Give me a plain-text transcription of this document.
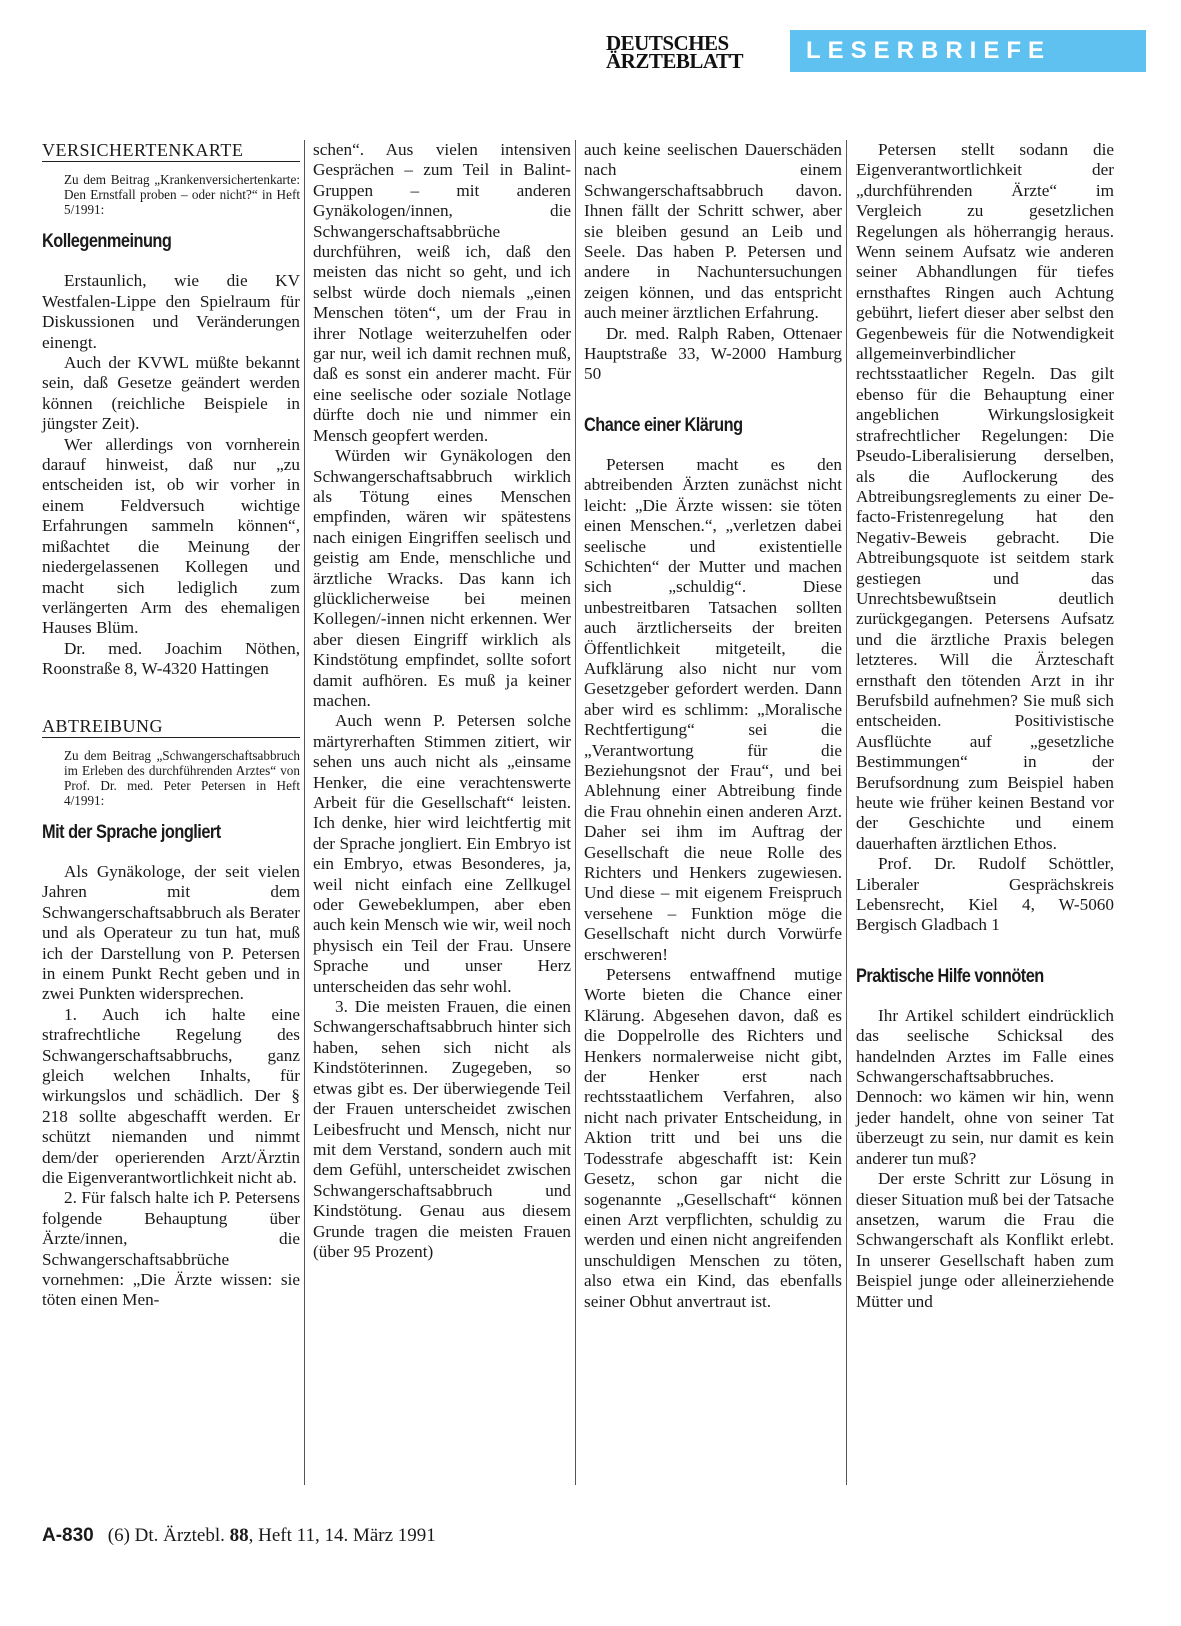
DEUTSCHES
ÄRZTEBLATT	LESERBRIEFE
VERSICHERTENKARTE
Zu dem Beitrag „Krankenversichertenkarte: Den Ernstfall proben – oder nicht?“ in Heft 5/1991:
Kollegenmeinung

Erstaunlich, wie die KV Westfalen-Lippe den Spielraum für Diskussionen und Veränderungen einengt.

Auch der KVWL müßte bekannt sein, daß Gesetze geändert werden können (reichliche Beispiele in jüngster Zeit).

Wer allerdings von vornherein darauf hinweist, daß nur „zu entscheiden ist, ob wir vorher in einem Feldversuch wichtige Erfahrungen sammeln können“, mißachtet die Meinung der niedergelassenen Kollegen und macht sich lediglich zum verlängerten Arm des ehemaligen Hauses Blüm.

Dr. med. Joachim Nöthen, Roonstraße 8, W-4320 Hattingen

ABTREIBUNG
Zu dem Beitrag „Schwangerschaftsabbruch im Erleben des durchführenden Arztes“ von Prof. Dr. med. Peter Petersen in Heft 4/1991:
Mit der Sprache jongliert

Als Gynäkologe, der seit vielen Jahren mit dem Schwangerschaftsabbruch als Berater und als Operateur zu tun hat, muß ich der Darstellung von P. Petersen in einem Punkt Recht geben und in zwei Punkten widersprechen.

1. Auch ich halte eine strafrechtliche Regelung des Schwangerschaftsabbruchs, ganz gleich welchen Inhalts, für wirkungslos und schädlich. Der § 218 sollte abgeschafft werden. Er schützt niemanden und nimmt dem/der operierenden Arzt/Ärztin die Eigenverantwortlichkeit nicht ab.

2. Für falsch halte ich P. Petersens folgende Behauptung über Ärzte/innen, die Schwangerschaftsabbrüche vornehmen: „Die Ärzte wissen: sie töten einen Men-

schen“. Aus vielen intensiven Gesprächen – zum Teil in Balint-Gruppen – mit anderen Gynäkologen/innen, die Schwangerschaftsabbrüche durchführen, weiß ich, daß den meisten das nicht so geht, und ich selbst würde doch niemals „einen Menschen töten“, um der Frau in ihrer Notlage weiterzuhelfen oder gar nur, weil ich damit rechnen muß, daß es sonst ein anderer macht. Für eine seelische oder soziale Notlage dürfte doch nie und nimmer ein Mensch geopfert werden.

Würden wir Gynäkologen den Schwangerschaftsabbruch wirklich als Tötung eines Menschen empfinden, wären wir spätestens nach einigen Eingriffen seelisch und geistig am Ende, menschliche und ärztliche Wracks. Das kann ich glücklicherweise bei meinen Kollegen/-innen nicht erkennen. Wer aber diesen Eingriff wirklich als Kindstötung empfindet, sollte sofort damit aufhören. Es muß ja keiner machen.

Auch wenn P. Petersen solche märtyrerhaften Stimmen zitiert, wir sehen uns auch nicht als „einsame Henker, die eine verachtenswerte Arbeit für die Gesellschaft“ leisten. Ich denke, hier wird leichtfertig mit der Sprache jongliert. Ein Embryo ist ein Embryo, etwas Besonderes, ja, weil nicht einfach eine Zellkugel oder Gewebeklumpen, aber eben auch kein Mensch wie wir, weil noch physisch ein Teil der Frau. Unsere Sprache und unser Herz unterscheiden das sehr wohl.

3. Die meisten Frauen, die einen Schwangerschaftsabbruch hinter sich haben, sehen sich nicht als Kindstöterinnen. Zugegeben, so etwas gibt es. Der überwiegende Teil der Frauen unterscheidet zwischen Leibesfrucht und Mensch, nicht nur mit dem Verstand, sondern auch mit dem Gefühl, unterscheidet zwischen Schwangerschaftsabbruch und Kindstötung. Genau aus diesem Grunde tragen die meisten Frauen (über 95 Prozent)

auch keine seelischen Dauerschäden nach einem Schwangerschaftsabbruch davon. Ihnen fällt der Schritt schwer, aber sie bleiben gesund an Leib und Seele. Das haben P. Petersen und andere in Nachuntersuchungen zeigen können, und das entspricht auch meiner ärztlichen Erfahrung.

Dr. med. Ralph Raben, Ottenaer Hauptstraße 33, W-2000 Hamburg 50

Chance einer Klärung

Petersen macht es den abtreibenden Ärzten zunächst nicht leicht: „Die Ärzte wissen: sie töten einen Menschen.“, „verletzen dabei seelische und existentielle Schichten“ der Mutter und machen sich „schuldig“. Diese unbestreitbaren Tatsachen sollten auch ärztlicherseits der breiten Öffentlichkeit mitgeteilt, die Aufklärung also nicht nur vom Gesetzgeber gefordert werden. Dann aber wird es schlimm: „Moralische Rechtfertigung“ sei die „Verantwortung für die Beziehungsnot der Frau“, und bei Ablehnung einer Abtreibung finde die Frau ohnehin einen anderen Arzt. Daher sei ihm im Auftrag der Gesellschaft die neue Rolle des Richters und Henkers zugewiesen. Und diese – mit eigenem Freispruch versehene – Funktion möge die Gesellschaft nicht durch Vorwürfe erschweren!

Petersens entwaffnend mutige Worte bieten die Chance einer Klärung. Abgesehen davon, daß es die Doppelrolle des Richters und Henkers normalerweise nicht gibt, der Henker erst nach rechtsstaatlichem Verfahren, also nicht nach privater Entscheidung, in Aktion tritt und bei uns die Todesstrafe abgeschafft ist: Kein Gesetz, schon gar nicht die sogenannte „Gesellschaft“ können einen Arzt verpflichten, schuldig zu werden und einen nicht angreifenden unschuldigen Menschen zu töten, also etwa ein Kind, das ebenfalls seiner Obhut anvertraut ist.

Petersen stellt sodann die Eigenverantwortlichkeit der „durchführenden Ärzte“ im Vergleich zu gesetzlichen Regelungen als höherrangig heraus. Wenn seinem Aufsatz wie anderen seiner Abhandlungen für tiefes ernsthaftes Ringen auch Achtung gebührt, liefert dieser aber selbst den Gegenbeweis für die Notwendigkeit allgemeinverbindlicher rechtsstaatlicher Regeln. Das gilt ebenso für die Behauptung einer angeblichen Wirkungslosigkeit strafrechtlicher Regelungen: Die Pseudo-Liberalisierung derselben, als die Auflockerung des Abtreibungsreglements zu einer De-facto-Fristenregelung hat den Negativ-Beweis gebracht. Die Abtreibungsquote ist seitdem stark gestiegen und das Unrechtsbewußtsein deutlich zurückgegangen. Petersens Aufsatz und die ärztliche Praxis belegen letzteres. Will die Ärzteschaft ernsthaft den tötenden Arzt in ihr Berufsbild aufnehmen? Sie muß sich entscheiden. Positivistische Ausflüchte auf „gesetzliche Bestimmungen“ in der Berufsordnung zum Beispiel haben heute wie früher keinen Bestand vor der Geschichte und einem dauerhaften ärztlichen Ethos.

Prof. Dr. Rudolf Schöttler, Liberaler Gesprächskreis Lebensrecht, Kiel 4, W-5060 Bergisch Gladbach 1

Praktische Hilfe vonnöten

Ihr Artikel schildert eindrücklich das seelische Schicksal des handelnden Arztes im Falle eines Schwangerschaftsabbruches. Dennoch: wo kämen wir hin, wenn jeder handelt, ohne von seiner Tat überzeugt zu sein, nur damit es kein anderer tun muß?

Der erste Schritt zur Lösung in dieser Situation muß bei der Tatsache ansetzen, warum die Frau die Schwangerschaft als Konflikt erlebt. In unserer Gesellschaft haben zum Beispiel junge oder alleinerziehende Mütter und

A-830 (6) Dt. Ärztebl. 88, Heft 11, 14. März 1991
